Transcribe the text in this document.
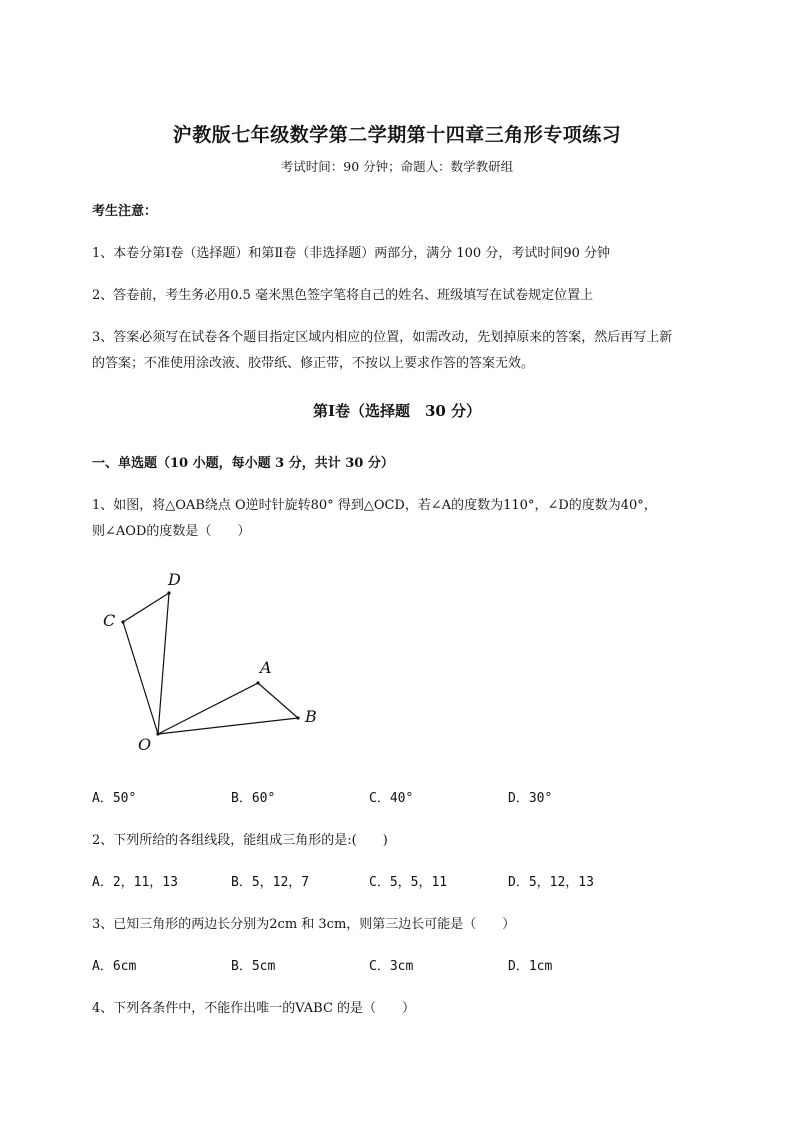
沪教版七年级数学第二学期第十四章三角形专项练习
考试时间：90 分钟；命题人：数学教研组
考生注意：
1、本卷分第Ⅰ卷（选择题）和第Ⅱ卷（非选择题）两部分，满分 100 分，考试时间90 分钟
2、答卷前，考生务必用0.5 毫米黑色签字笔将自己的姓名、班级填写在试卷规定位置上
3、答案必须写在试卷各个题目指定区域内相应的位置，如需改动，先划掉原来的答案，然后再写上新
的答案；不准使用涂改液、胶带纸、修正带，不按以上要求作答的答案无效。
第Ⅰ卷（选择题　30 分）
一、单选题（10 小题，每小题 3 分，共计 30 分）
1、如图，将△OAB绕点 O逆时针旋转80° 得到△OCD，若∠A的度数为110°，∠D的度数为40°，
则∠AOD的度数是（　　）
D
C
A
B
O
A．50°	B．60°	C．40°	D．30°
2、下列所给的各组线段，能组成三角形的是:(　　)
A．2，11，13	B．5，12，7	C．5，5，11	D．5，12，13
3、已知三角形的两边长分别为2cm 和 3cm，则第三边长可能是（　　）
A．6cm	B．5cm	C．3cm	D．1cm
4、下列各条件中，不能作出唯一的VABC 的是（　　）
